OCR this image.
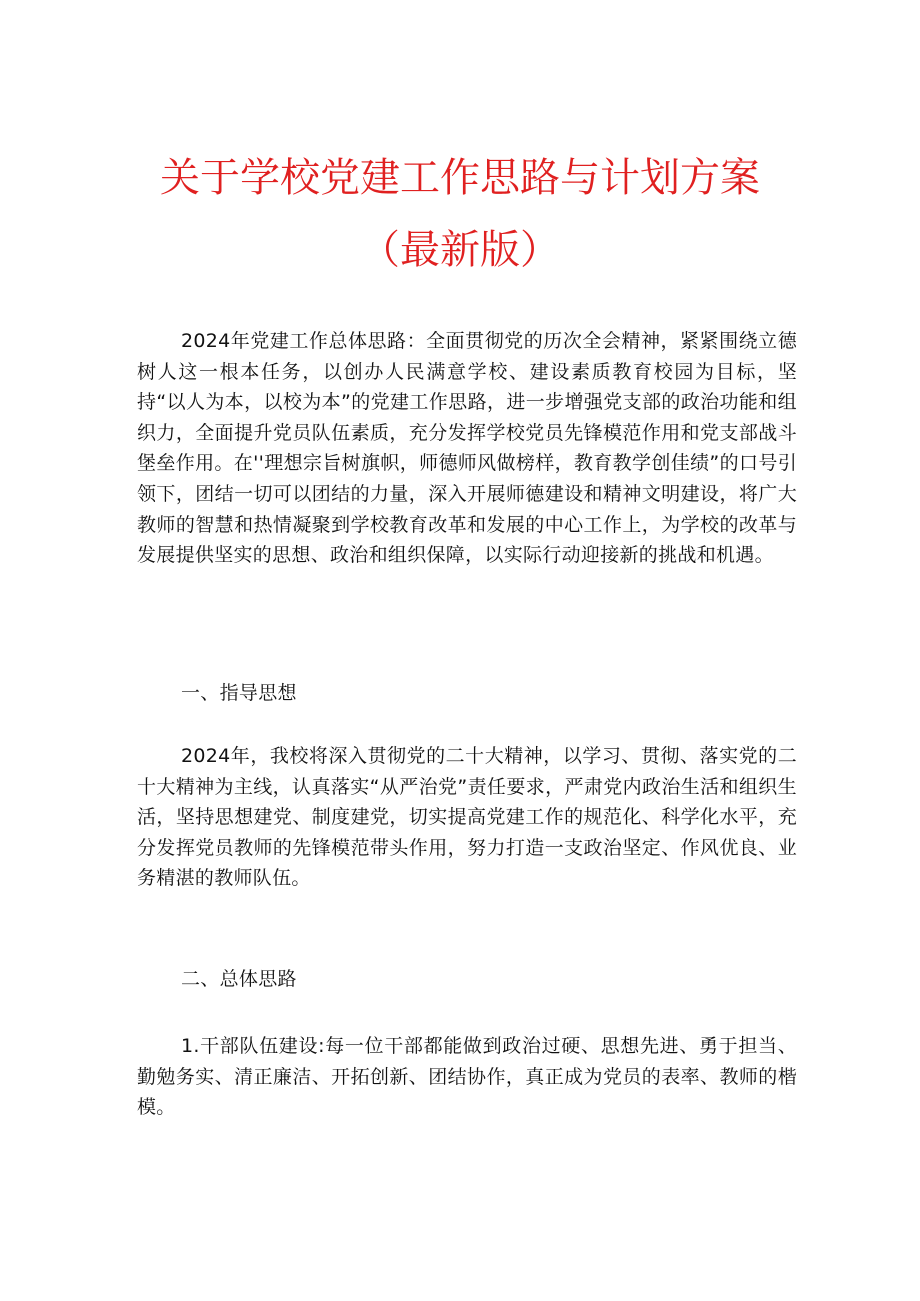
关于学校党建工作思路与计划方案
（最新版）

2024年党建工作总体思路：全面贯彻党的历次全会精神，紧紧围绕立德树人这一根本任务，以创办人民满意学校、建设素质教育校园为目标，坚持“以人为本，以校为本”的党建工作思路，进一步增强党支部的政治功能和组织力，全面提升党员队伍素质，充分发挥学校党员先锋模范作用和党支部战斗堡垒作用。在''理想宗旨树旗帜，师德师风做榜样，教育教学创佳绩”的口号引领下，团结一切可以团结的力量，深入开展师德建设和精神文明建设，将广大教师的智慧和热情凝聚到学校教育改革和发展的中心工作上，为学校的改革与发展提供坚实的思想、政治和组织保障，以实际行动迎接新的挑战和机遇。

一、指导思想

2024年，我校将深入贯彻党的二十大精神，以学习、贯彻、落实党的二十大精神为主线，认真落实“从严治党”责任要求，严肃党内政治生活和组织生活，坚持思想建党、制度建党，切实提高党建工作的规范化、科学化水平，充分发挥党员教师的先锋模范带头作用，努力打造一支政治坚定、作风优良、业务精湛的教师队伍。

二、总体思路

1.干部队伍建设:每一位干部都能做到政治过硬、思想先进、勇于担当、勤勉务实、清正廉洁、开拓创新、团结协作，真正成为党员的表率、教师的楷模。
